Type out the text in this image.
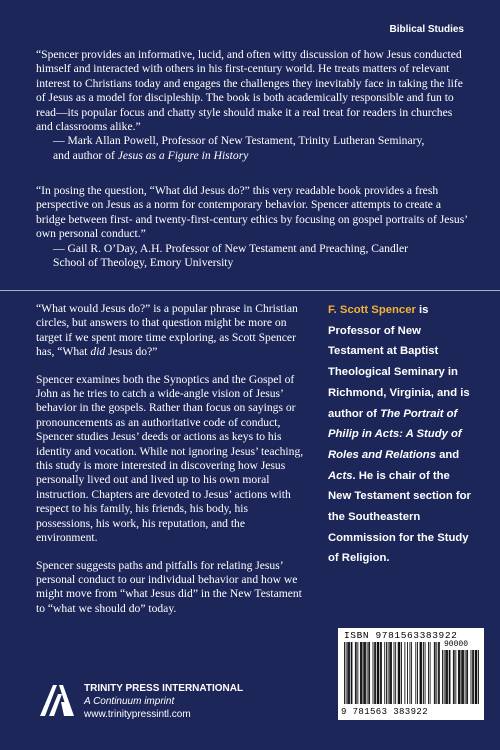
Biblical Studies

“Spencer provides an informative, lucid, and often witty discussion of how Jesus conducted himself and interacted with others in his first-century world. He treats matters of relevant interest to Christians today and engages the challenges they inevitably face in taking the life of Jesus as a model for discipleship. The book is both academically responsible and fun to read—its popular focus and chatty style should make it a real treat for readers in churches and classrooms alike.”

— Mark Allan Powell, Professor of New Testament, Trinity Lutheran Seminary,

and author of Jesus as a Figure in History

“In posing the question, “What did Jesus do?” this very readable book provides a fresh perspective on Jesus as a norm for contemporary behavior. Spencer attempts to create a bridge between first- and twenty-first-century ethics by focusing on gospel portraits of Jesus’ own personal conduct.”

— Gail R. O’Day, A.H. Professor of New Testament and Preaching, Candler

School of Theology, Emory University

“What would Jesus do?” is a popular phrase in Christian circles, but answers to that question might be more on target if we spent more time exploring, as Scott Spencer has, “What did Jesus do?”

Spencer examines both the Synoptics and the Gospel of John as he tries to catch a wide-angle vision of Jesus’ behavior in the gospels. Rather than focus on sayings or pronouncements as an authoritative code of conduct, Spencer studies Jesus’ deeds or actions as keys to his identity and vocation. While not ignoring Jesus’ teaching, this study is more interested in discovering how Jesus personally lived out and lived up to his own moral instruction. Chapters are devoted to Jesus’ actions with respect to his family, his friends, his body, his possessions, his work, his reputation, and the environment.

Spencer suggests paths and pitfalls for relating Jesus’ personal conduct to our individual behavior and how we might move from “what Jesus did” in the New Testament to “what we should do” today.

F. Scott Spencer is Professor of New Testament at Baptist Theological Seminary in Richmond, Virginia, and is author of The Portrait of Philip in Acts: A Study of Roles and Relations and Acts. He is chair of the New Testament section for the Southeastern Commission for the Study of Religion.
TRINITY PRESS INTERNATIONAL
A Continuum imprint
www.trinitypressintl.com
ISBN 9781563383922
90000
9 781563 383922
